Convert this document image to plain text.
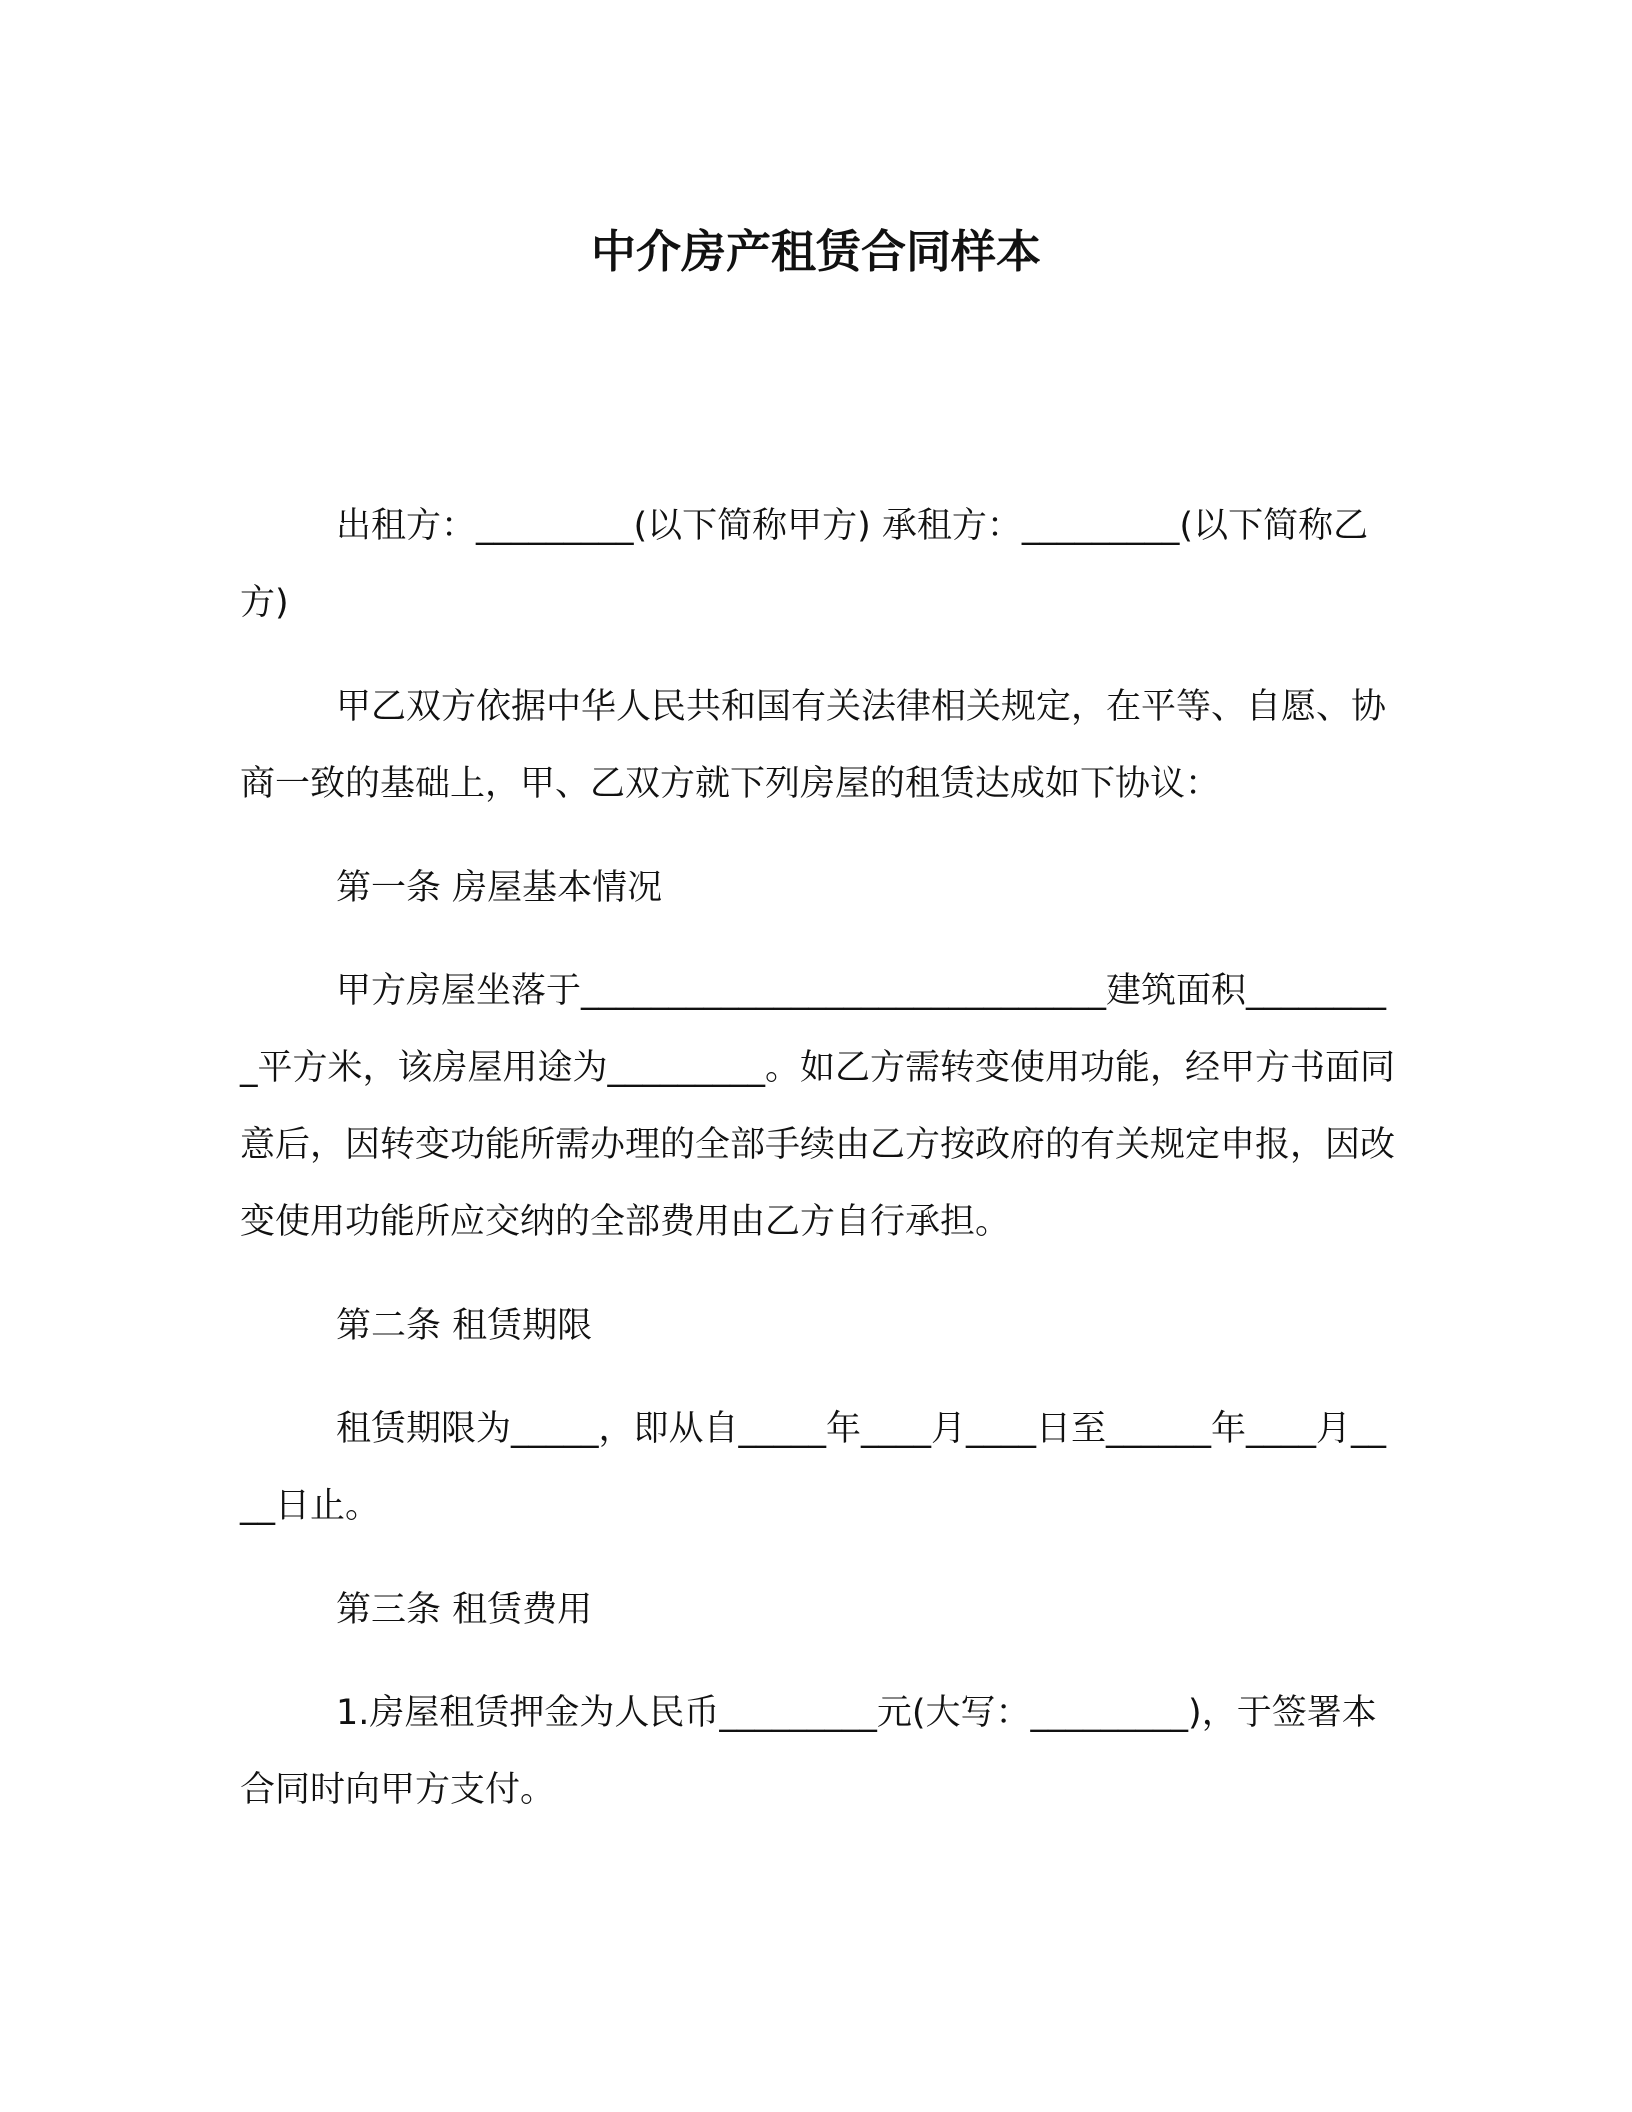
中介房产租赁合同样本

出租方：_________(以下简称甲方) 承租方：_________(以下简称乙方)

甲乙双方依据中华人民共和国有关法律相关规定，在平等、自愿、协商一致的基础上，甲、乙双方就下列房屋的租赁达成如下协议：

第一条 房屋基本情况

甲方房屋坐落于______________________________建筑面积_________平方米，该房屋用途为_________。如乙方需转变使用功能，经甲方书面同意后，因转变功能所需办理的全部手续由乙方按政府的有关规定申报，因改变使用功能所应交纳的全部费用由乙方自行承担。

第二条 租赁期限

租赁期限为_____，即从自_____年____月____日至______年____月____日止。

第三条 租赁费用

1.房屋租赁押金为人民币_________元(大写：_________)，于签署本合同时向甲方支付。
